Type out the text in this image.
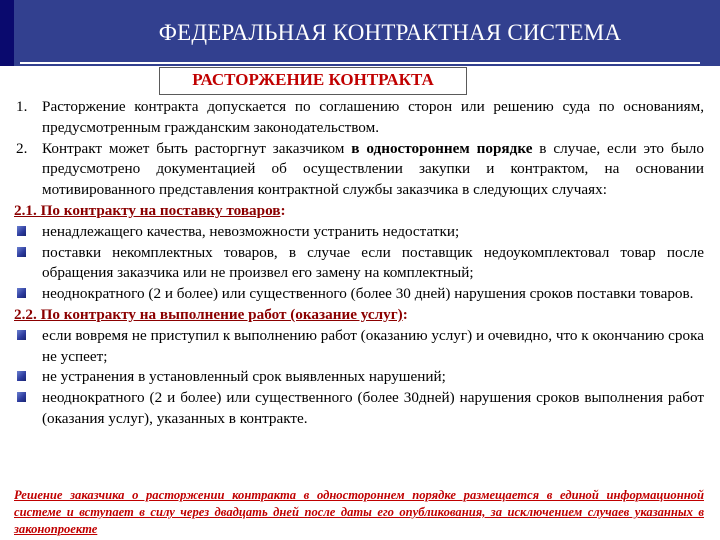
ФЕДЕРАЛЬНАЯ КОНТРАКТНАЯ СИСТЕМА
РАСТОРЖЕНИЕ КОНТРАКТА
1. Расторжение контракта допускается по соглашению сторон или решению суда по основаниям, предусмотренным гражданским законодательством.
2. Контракт может быть расторгнут заказчиком в одностороннем порядке в случае, если это было предусмотрено документацией об осуществлении закупки и контрактом, на основании мотивированного представления контрактной службы заказчика в следующих случаях:
2.1. По контракту на поставку товаров:
ненадлежащего качества, невозможности устранить недостатки;
поставки некомплектных товаров, в случае если поставщик недоукомплектовал товар после обращения заказчика или не произвел его замену на комплектный;
неоднократного (2 и более) или существенного (более 30 дней) нарушения сроков поставки товаров.
2.2. По контракту на выполнение работ (оказание услуг):
если вовремя не приступил к выполнению работ (оказанию услуг) и очевидно, что к окончанию срока не успеет;
не устранения в установленный срок выявленных нарушений;
неоднократного (2 и более) или существенного (более 30дней) нарушения сроков выполнения работ (оказания услуг), указанных в контракте.
Решение заказчика о расторжении контракта в одностороннем порядке размещается в единой информационной системе и вступает в силу через двадцать дней после даты его опубликования, за исключением случаев указанных в законопроекте
